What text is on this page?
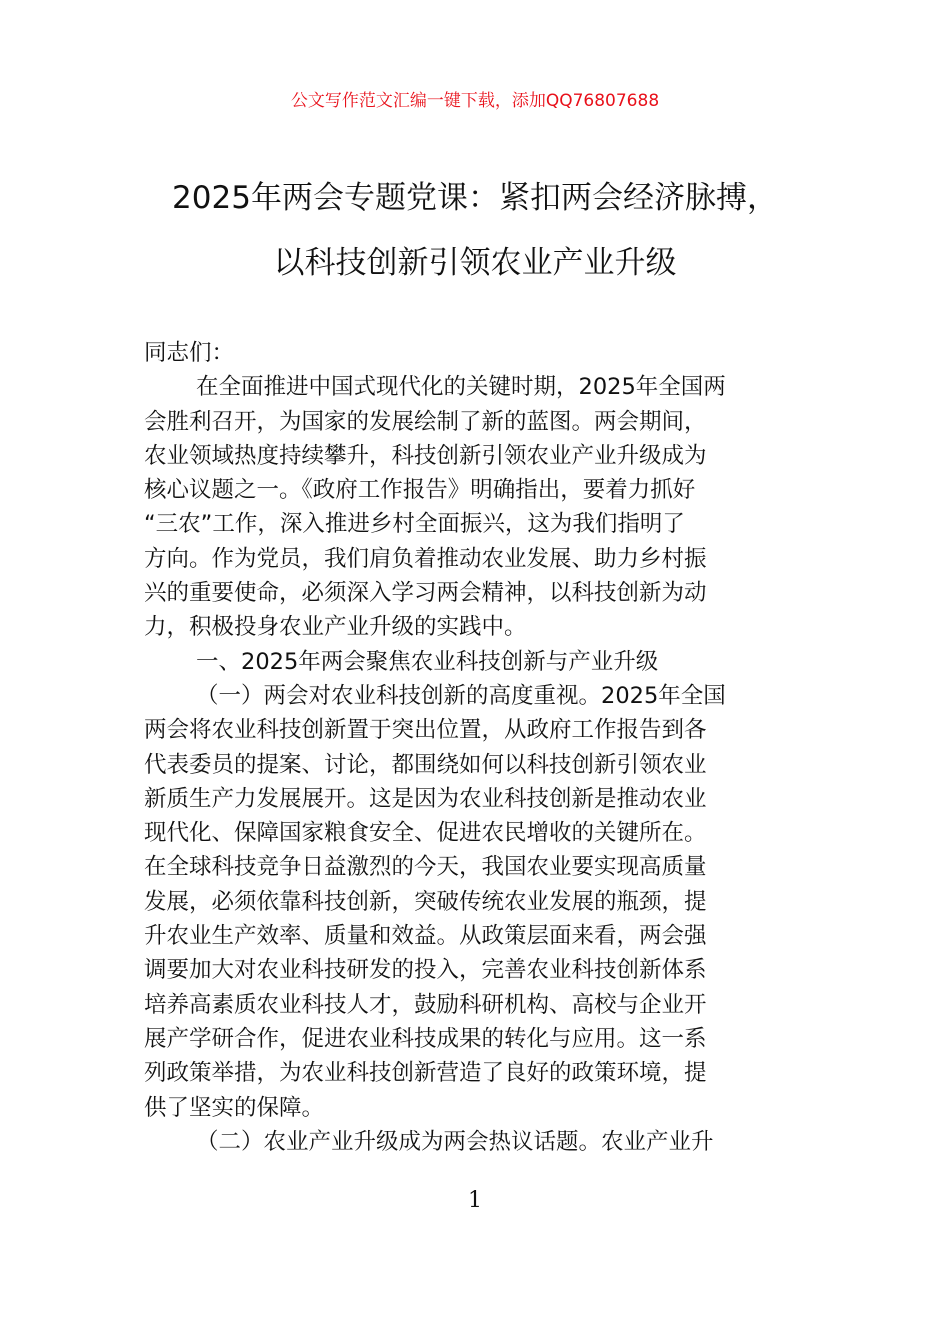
公文写作范文汇编一键下载，添加QQ76807688
2025年两会专题党课：紧扣两会经济脉搏，
以科技创新引领农业产业升级
同志们：
在全面推进中国式现代化的关键时期，2025年全国两
会胜利召开，为国家的发展绘制了新的蓝图。两会期间，
农业领域热度持续攀升，科技创新引领农业产业升级成为
核心议题之一。《政府工作报告》明确指出，要着力抓好
“三农”工作，深入推进乡村全面振兴，这为我们指明了
方向。作为党员，我们肩负着推动农业发展、助力乡村振
兴的重要使命，必须深入学习两会精神，以科技创新为动
力，积极投身农业产业升级的实践中。
一、2025年两会聚焦农业科技创新与产业升级
（一）两会对农业科技创新的高度重视。2025年全国
两会将农业科技创新置于突出位置，从政府工作报告到各
代表委员的提案、讨论，都围绕如何以科技创新引领农业
新质生产力发展展开。这是因为农业科技创新是推动农业
现代化、保障国家粮食安全、促进农民增收的关键所在。
在全球科技竞争日益激烈的今天，我国农业要实现高质量
发展，必须依靠科技创新，突破传统农业发展的瓶颈，提
升农业生产效率、质量和效益。从政策层面来看，两会强
调要加大对农业科技研发的投入，完善农业科技创新体系
培养高素质农业科技人才，鼓励科研机构、高校与企业开
展产学研合作，促进农业科技成果的转化与应用。这一系
列政策举措，为农业科技创新营造了良好的政策环境，提
供了坚实的保障。
（二）农业产业升级成为两会热议话题。农业产业升
1
